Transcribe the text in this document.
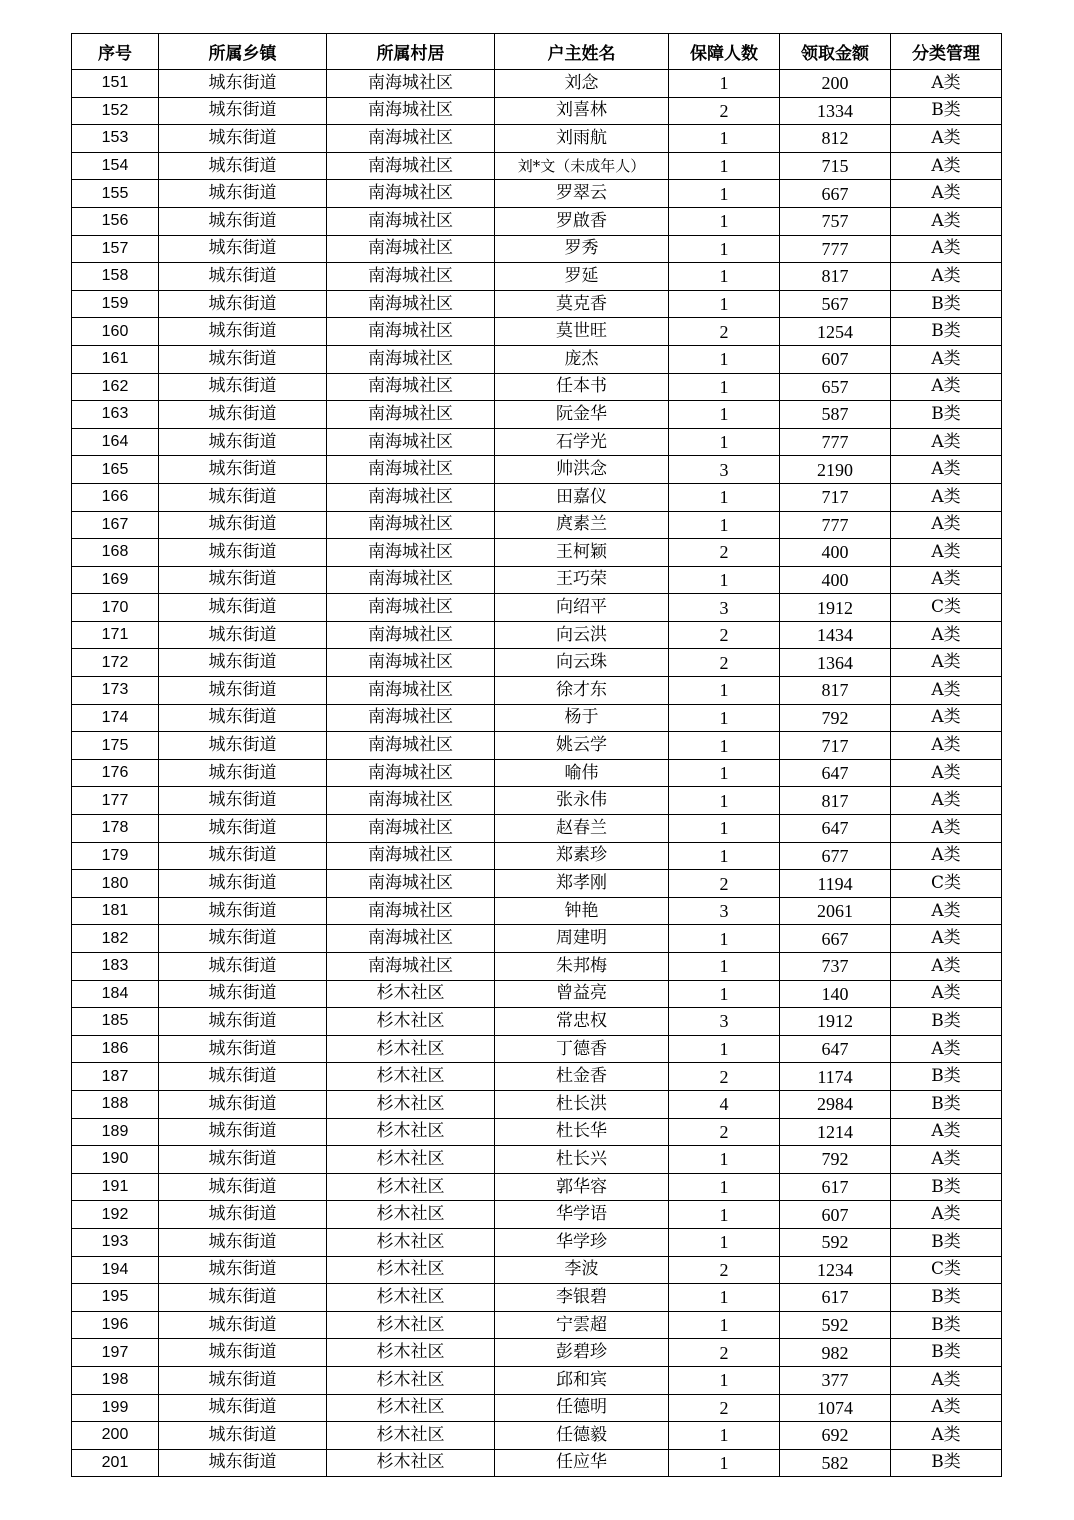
序号	所属乡镇	所属村居	户主姓名	保障人数	领取金额	分类管理
151	城东街道	南海城社区	刘念	1	200	A类
152	城东街道	南海城社区	刘喜林	2	1334	B类
153	城东街道	南海城社区	刘雨航	1	812	A类
154	城东街道	南海城社区	刘*文（未成年人）	1	715	A类
155	城东街道	南海城社区	罗翠云	1	667	A类
156	城东街道	南海城社区	罗啟香	1	757	A类
157	城东街道	南海城社区	罗秀	1	777	A类
158	城东街道	南海城社区	罗延	1	817	A类
159	城东街道	南海城社区	莫克香	1	567	B类
160	城东街道	南海城社区	莫世旺	2	1254	B类
161	城东街道	南海城社区	庞杰	1	607	A类
162	城东街道	南海城社区	任本书	1	657	A类
163	城东街道	南海城社区	阮金华	1	587	B类
164	城东街道	南海城社区	石学光	1	777	A类
165	城东街道	南海城社区	帅洪念	3	2190	A类
166	城东街道	南海城社区	田嘉仪	1	717	A类
167	城东街道	南海城社区	庹素兰	1	777	A类
168	城东街道	南海城社区	王柯颖	2	400	A类
169	城东街道	南海城社区	王巧荣	1	400	A类
170	城东街道	南海城社区	向绍平	3	1912	C类
171	城东街道	南海城社区	向云洪	2	1434	A类
172	城东街道	南海城社区	向云珠	2	1364	A类
173	城东街道	南海城社区	徐才东	1	817	A类
174	城东街道	南海城社区	杨于	1	792	A类
175	城东街道	南海城社区	姚云学	1	717	A类
176	城东街道	南海城社区	喻伟	1	647	A类
177	城东街道	南海城社区	张永伟	1	817	A类
178	城东街道	南海城社区	赵春兰	1	647	A类
179	城东街道	南海城社区	郑素珍	1	677	A类
180	城东街道	南海城社区	郑孝刚	2	1194	C类
181	城东街道	南海城社区	钟艳	3	2061	A类
182	城东街道	南海城社区	周建明	1	667	A类
183	城东街道	南海城社区	朱邦梅	1	737	A类
184	城东街道	杉木社区	曾益亮	1	140	A类
185	城东街道	杉木社区	常忠权	3	1912	B类
186	城东街道	杉木社区	丁德香	1	647	A类
187	城东街道	杉木社区	杜金香	2	1174	B类
188	城东街道	杉木社区	杜长洪	4	2984	B类
189	城东街道	杉木社区	杜长华	2	1214	A类
190	城东街道	杉木社区	杜长兴	1	792	A类
191	城东街道	杉木社区	郭华容	1	617	B类
192	城东街道	杉木社区	华学语	1	607	A类
193	城东街道	杉木社区	华学珍	1	592	B类
194	城东街道	杉木社区	李波	2	1234	C类
195	城东街道	杉木社区	李银碧	1	617	B类
196	城东街道	杉木社区	宁雲超	1	592	B类
197	城东街道	杉木社区	彭碧珍	2	982	B类
198	城东街道	杉木社区	邱和宾	1	377	A类
199	城东街道	杉木社区	任德明	2	1074	A类
200	城东街道	杉木社区	任德毅	1	692	A类
201	城东街道	杉木社区	任应华	1	582	B类
